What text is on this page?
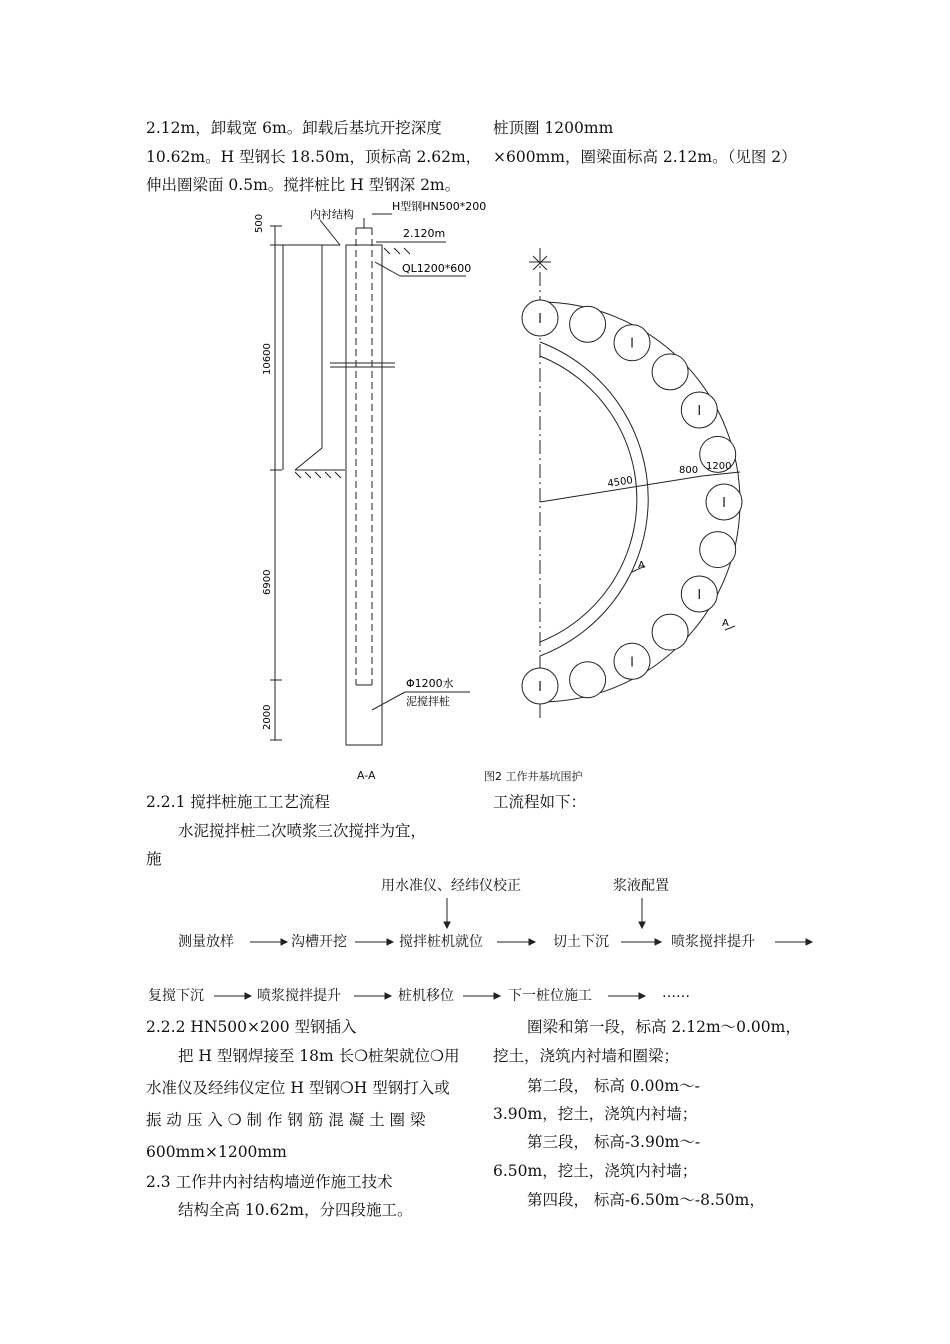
2.12m，卸载宽 6m。卸载后基坑开挖深度
10.62m。H 型钢长 18.50m，顶标高 2.62m，
伸出圈梁面 0.5m。搅拌桩比 H 型钢深 2m。
桩顶圈 1200mm
×600mm，圈梁面标高 2.12m。（见图 2）
I
I
I
I
I
I
I
H型钢HN500*200
内衬结构
2.120m
QL1200*600
Φ1200水
泥搅拌桩
500
10600
6900
2000
4500
800 1200
A
A
A-A	图2 工作井基坑围护
2.2.1 搅拌桩施工工艺流程	工流程如下：
水泥搅拌桩二次喷浆三次搅拌为宜，
施
用水准仪、经纬仪校正	浆液配置
测量放样	沟槽开挖	搅拌桩机就位	切土下沉	喷浆搅拌提升
复搅下沉	喷浆搅拌提升	桩机移位	下一桩位施工	……
2.2.2 HN500×200 型钢插入
把 H 型钢焊接至 18m 长❍桩架就位❍用
水准仪及经纬仪定位 H 型钢❍H 型钢打入或
振 动 压 入 ❍ 制 作 钢 筋 混 凝 土 圈 梁
600mm×1200mm
2.3 工作井内衬结构墙逆作施工技术
结构全高 10.62m，分四段施工。
圈梁和第一段，标高 2.12m～0.00m，
挖土，浇筑内衬墙和圈梁；
第二段， 标高 0.00m～-
3.90m，挖土，浇筑内衬墙；
第三段， 标高-3.90m～-
6.50m，挖土，浇筑内衬墙；
第四段， 标高-6.50m～-8.50m，
